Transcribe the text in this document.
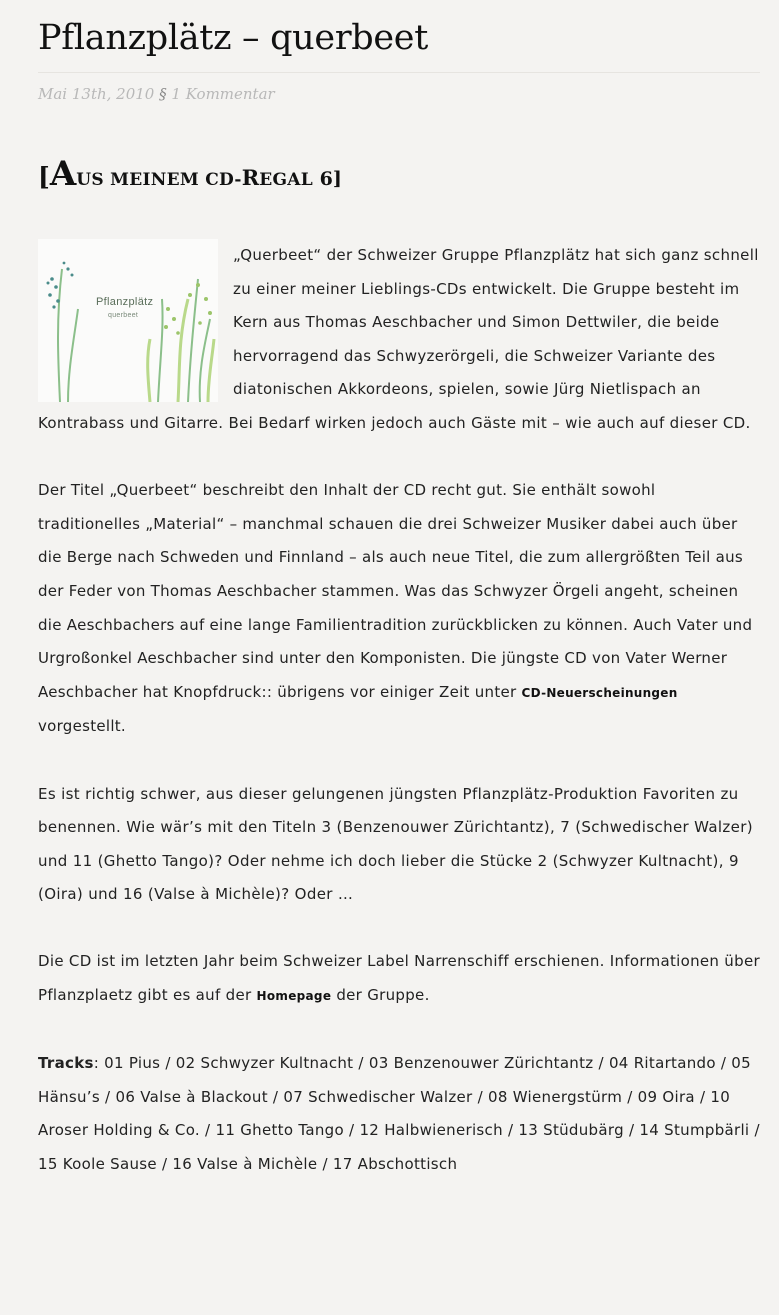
Pflanzplätz – querbeet
Mai 13th, 2010 § 1 Kommentar
[AUS MEINEM CD-REGAL 6]

Pflanzplätz
querbeet
„Querbeet“ der Schweizer Gruppe Pflanzplätz hat sich ganz schnell zu einer meiner Lieblings-CDs entwickelt. Die Gruppe besteht im Kern aus Thomas Aeschbacher und Simon Dettwiler, die beide hervorragend das Schwyzerörgeli, die Schweizer Variante des diatonischen Akkordeons, spielen, sowie Jürg Nietlispach an Kontrabass und Gitarre. Bei Bedarf wirken jedoch auch Gäste mit – wie auch auf dieser CD.

Der Titel „Querbeet“ beschreibt den Inhalt der CD recht gut. Sie enthält sowohl traditionelles „Material“ – manchmal schauen die drei Schweizer Musiker dabei auch über die Berge nach Schweden und Finnland – als auch neue Titel, die zum allergrößten Teil aus der Feder von Thomas Aeschbacher stammen. Was das Schwyzer Örgeli angeht, scheinen die Aeschbachers auf eine lange Familientradition zurückblicken zu können. Auch Vater und Urgroßonkel Aeschbacher sind unter den Komponisten. Die jüngste CD von Vater Werner Aeschbacher hat Knopfdruck:: übrigens vor einiger Zeit unter CD-Neuerscheinungen vorgestellt.

Es ist richtig schwer, aus dieser gelungenen jüngsten Pflanzplätz-Produktion Favoriten zu benennen. Wie wär’s mit den Titeln 3 (Benzenouwer Zürichtantz), 7 (Schwedischer Walzer) und 11 (Ghetto Tango)? Oder nehme ich doch lieber die Stücke 2 (Schwyzer Kultnacht), 9 (Oira) und 16 (Valse à Michèle)? Oder …

Die CD ist im letzten Jahr beim Schweizer Label Narrenschiff erschienen. Informationen über Pflanzplaetz gibt es auf der Homepage der Gruppe.

Tracks: 01 Pius / 02 Schwyzer Kultnacht / 03 Benzenouwer Zürichtantz / 04 Ritartando / 05 Hänsu’s / 06 Valse à Blackout / 07 Schwedischer Walzer / 08 Wienergstürm / 09 Oira / 10 Aroser Holding & Co. / 11 Ghetto Tango / 12 Halbwienerisch / 13 Stüdubärg / 14 Stumpbärli / 15 Koole Sause / 16 Valse à Michèle / 17 Abschottisch
